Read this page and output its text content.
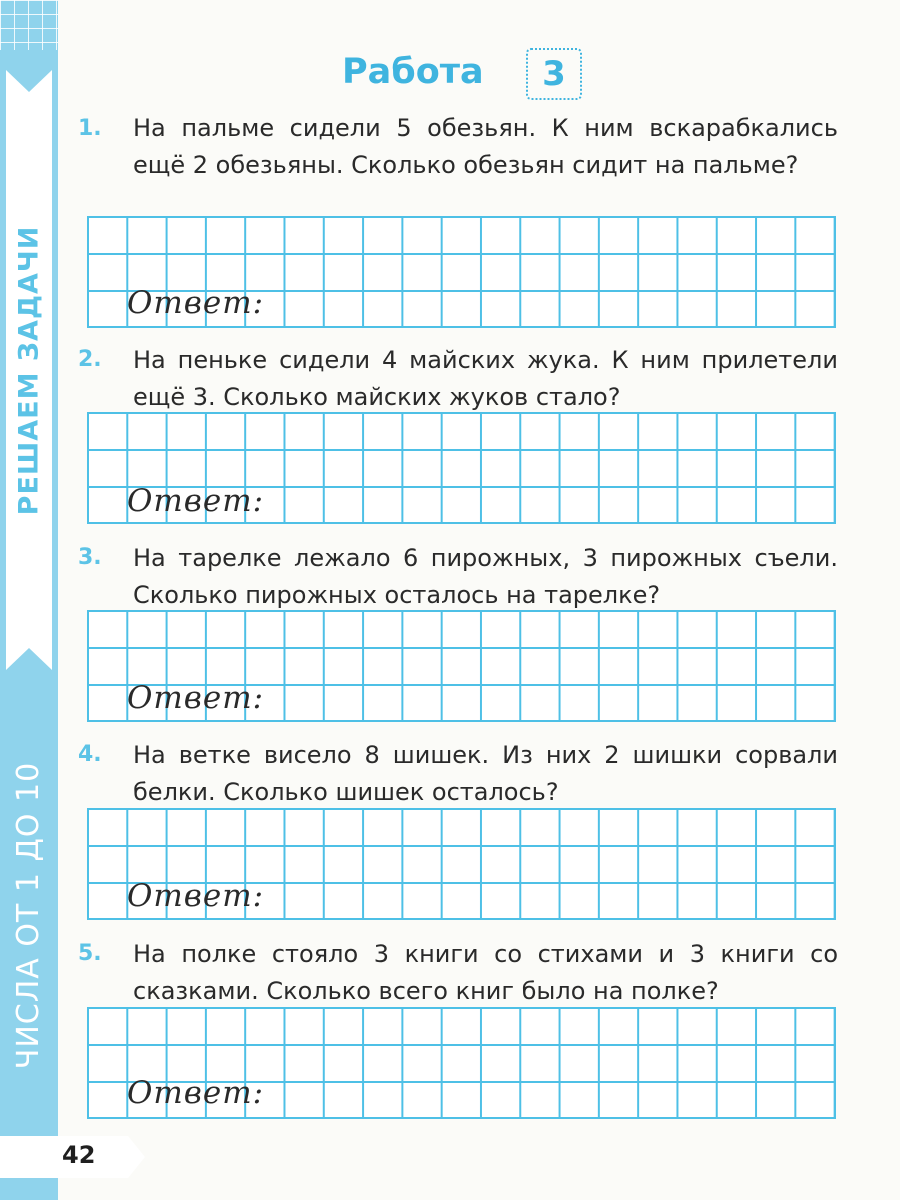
РЕШАЕМ ЗАДАЧИ
ЧИСЛА ОТ 1 ДО 10
42
Работа 3
1. На пальме сидели 5 обезьян. К ним вскарабкались ещё 2 обезьяны. Сколько обезьян сидит на пальме?
Ответ:
2. На пеньке сидели 4 майских жука. К ним прилетели ещё 3. Сколько майских жуков стало?
Ответ:
3. На тарелке лежало 6 пирожных, 3 пирожных съели. Сколько пирожных осталось на тарелке?
Ответ:
4. На ветке висело 8 шишек. Из них 2 шишки сорвали белки. Сколько шишек осталось?
Ответ:
5. На полке стояло 3 книги со стихами и 3 книги со сказками. Сколько всего книг было на полке?
Ответ:
